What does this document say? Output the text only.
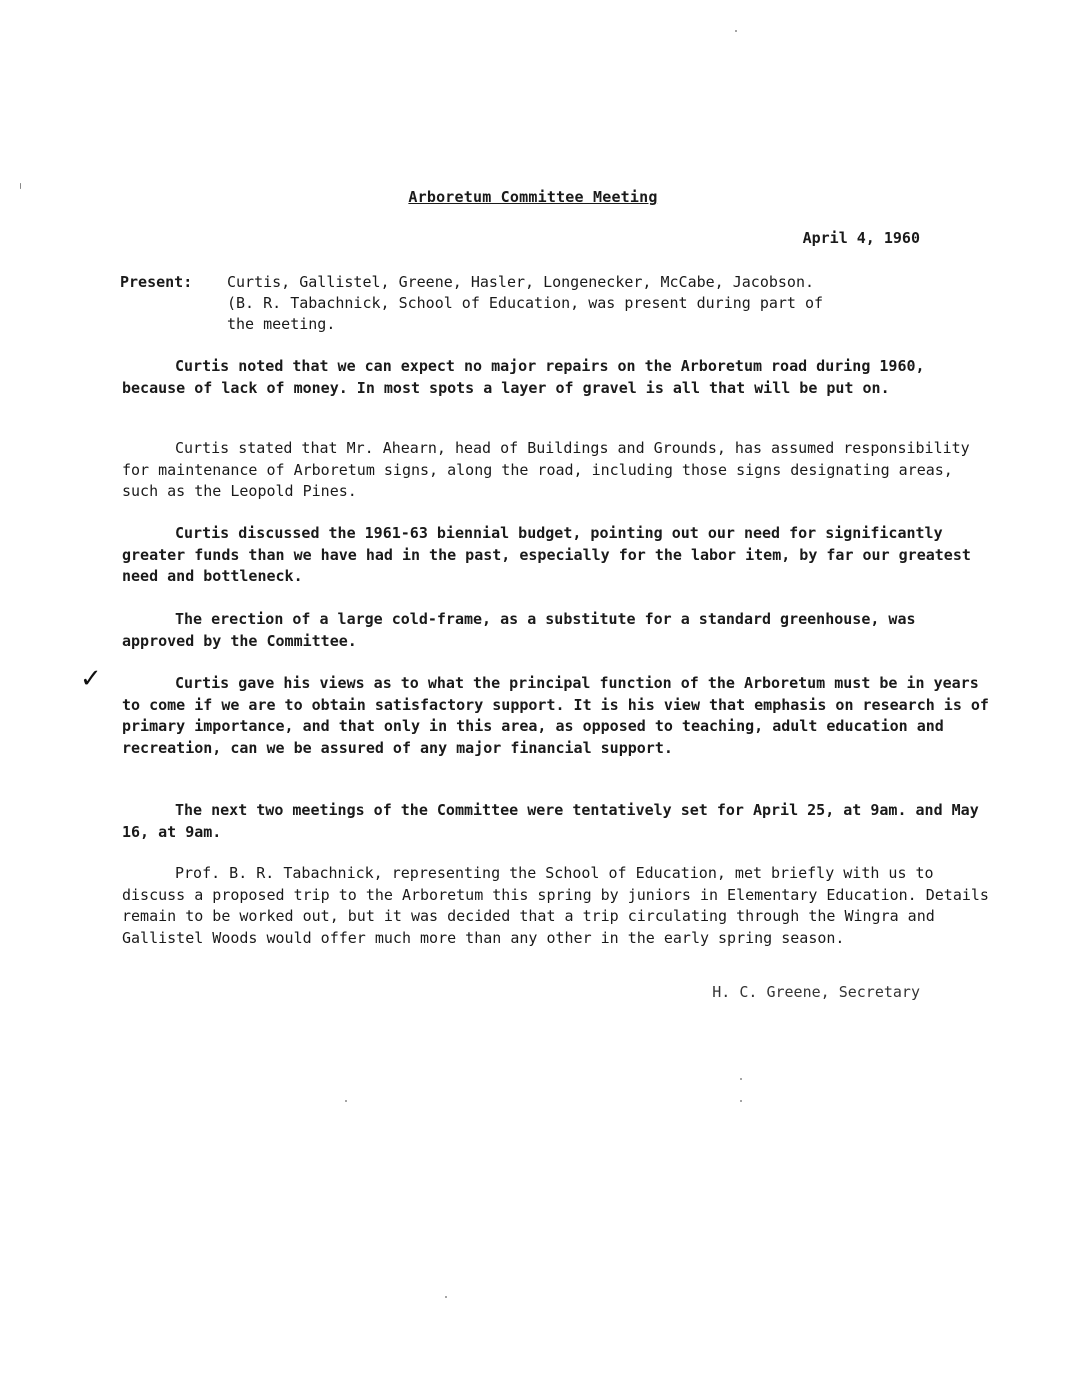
Arboretum Committee Meeting
April 4, 1960
Present: Curtis, Gallistel, Greene, Hasler, Longenecker, McCabe, Jacobson.
(B. R. Tabachnick, School of Education, was present during part of
the meeting.
Curtis noted that we can expect no major repairs on the Arboretum road during 1960, because of lack of money. In most spots a layer of gravel is all that will be put on.
Curtis stated that Mr. Ahearn, head of Buildings and Grounds, has assumed responsibility for maintenance of Arboretum signs, along the road, including those signs designating areas, such as the Leopold Pines.
Curtis discussed the 1961-63 biennial budget, pointing out our need for significantly greater funds than we have had in the past, especially for the labor item, by far our greatest need and bottleneck.
The erection of a large cold-frame, as a substitute for a standard greenhouse, was approved by the Committee.
✓	Curtis gave his views as to what the principal function of the Arboretum must be in years to come if we are to obtain satisfactory support. It is his view that emphasis on research is of primary importance, and that only in this area, as opposed to teaching, adult education and recreation, can we be assured of any major financial support.
The next two meetings of the Committee were tentatively set for April 25, at 9am. and May 16, at 9am.
Prof. B. R. Tabachnick, representing the School of Education, met briefly with us to discuss a proposed trip to the Arboretum this spring by juniors in Elementary Education. Details remain to be worked out, but it was decided that a trip circulating through the Wingra and Gallistel Woods would offer much more than any other in the early spring season.
H. C. Greene, Secretary
